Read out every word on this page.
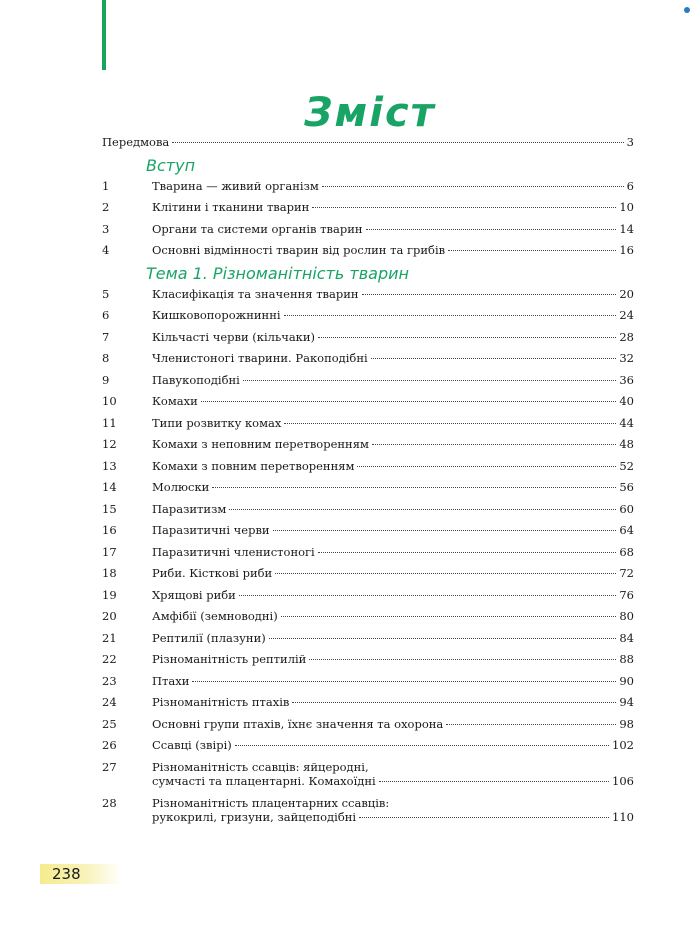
Зміст
Передмова	3
Вступ
1	Тварина — живий організм	6
2	Клітини і тканини тварин	10
3	Органи та системи органів тварин	14
4	Основні відмінності тварин від рослин та грибів	16
Тема 1. Різноманітність тварин
5	Класифікація та значення тварин	20
6	Кишковопорожнинні	24
7	Кільчасті черви (кільчаки)	28
8	Членистоногі тварини. Ракоподібні	32
9	Павукоподібні	36
10	Комахи	40
11	Типи розвитку комах	44
12	Комахи з неповним перетворенням	48
13	Комахи з повним перетворенням	52
14	Молюски	56
15	Паразитизм	60
16	Паразитичні черви	64
17	Паразитичні членистоногі	68
18	Риби. Кісткові риби	72
19	Хрящові риби	76
20	Амфібії (земноводні)	80
21	Рептилії (плазуни)	84
22	Різноманітність рептилій	88
23	Птахи	90
24	Різноманітність птахів	94
25	Основні групи птахів, їхнє значення та охорона	98
26	Ссавці (звірі)	102
27	Різноманітність ссавців: яйцеродні,
сумчасті та плацентарні. Комахоїдні	106
28	Різноманітність плацентарних ссавців:
рукокрилі, гризуни, зайцеподібні	110
238
